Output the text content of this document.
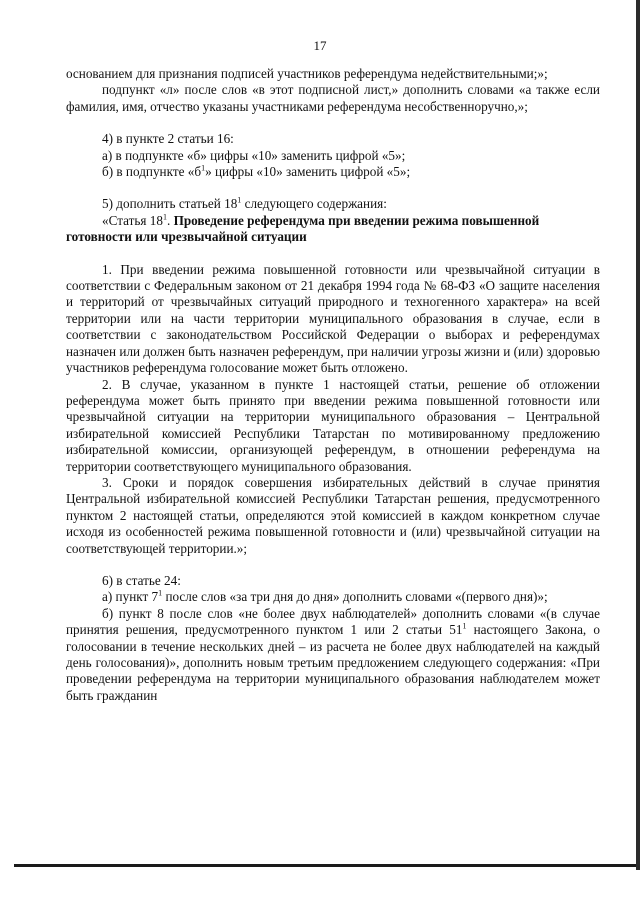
17

основанием для признания подписей участников референдума недействительными;»;

подпункт «л» после слов «в этот подписной лист,» дополнить словами «а также если фамилия, имя, отчество указаны участниками референдума несобственноручно,»;

4) в пункте 2 статьи 16:

а) в подпункте «б» цифры «10» заменить цифрой «5»;

б) в подпункте «$б^1$» цифры «10» заменить цифрой «5»;

5) дополнить статьей $18^1$ следующего содержания:

«Статья $18^1$. Проведение референдума при введении режима повышенной

готовности или чрезвычайной ситуации

1. При введении режима повышенной готовности или чрезвычайной ситуации в соответствии с Федеральным законом от 21 декабря 1994 года № 68-ФЗ «О защите населения и территорий от чрезвычайных ситуаций природного и техногенного характера» на всей территории или на части территории муниципального образования в случае, если в соответствии с законодательством Российской Федерации о выборах и референдумах назначен или должен быть назначен референдум, при наличии угрозы жизни и (или) здоровью участников референдума голосование может быть отложено.

2. В случае, указанном в пункте 1 настоящей статьи, решение об отложении референдума может быть принято при введении режима повышенной готовности или чрезвычайной ситуации на территории муниципального образования – Центральной избирательной комиссией Республики Татарстан по мотивированному предложению избирательной комиссии, организующей референдум, в отношении референдума на территории соответствующего муниципального образования.

3. Сроки и порядок совершения избирательных действий в случае принятия Центральной избирательной комиссией Республики Татарстан решения, предусмотренного пунктом 2 настоящей статьи, определяются этой комиссией в каждом конкретном случае исходя из особенностей режима повышенной готовности и (или) чрезвычайной ситуации на соответствующей территории.»;

6) в статье 24:

а) пункт $7^1$ после слов «за три дня до дня» дополнить словами «(первого дня)»;

б) пункт 8 после слов «не более двух наблюдателей» дополнить словами «(в случае принятия решения, предусмотренного пунктом 1 или 2 статьи $51^1$ настоящего Закона, о голосовании в течение нескольких дней – из расчета не более двух наблюдателей на каждый день голосования)», дополнить новым третьим предложением следующего содержания: «При проведении референдума на территории муниципального образования наблюдателем может быть гражданин
